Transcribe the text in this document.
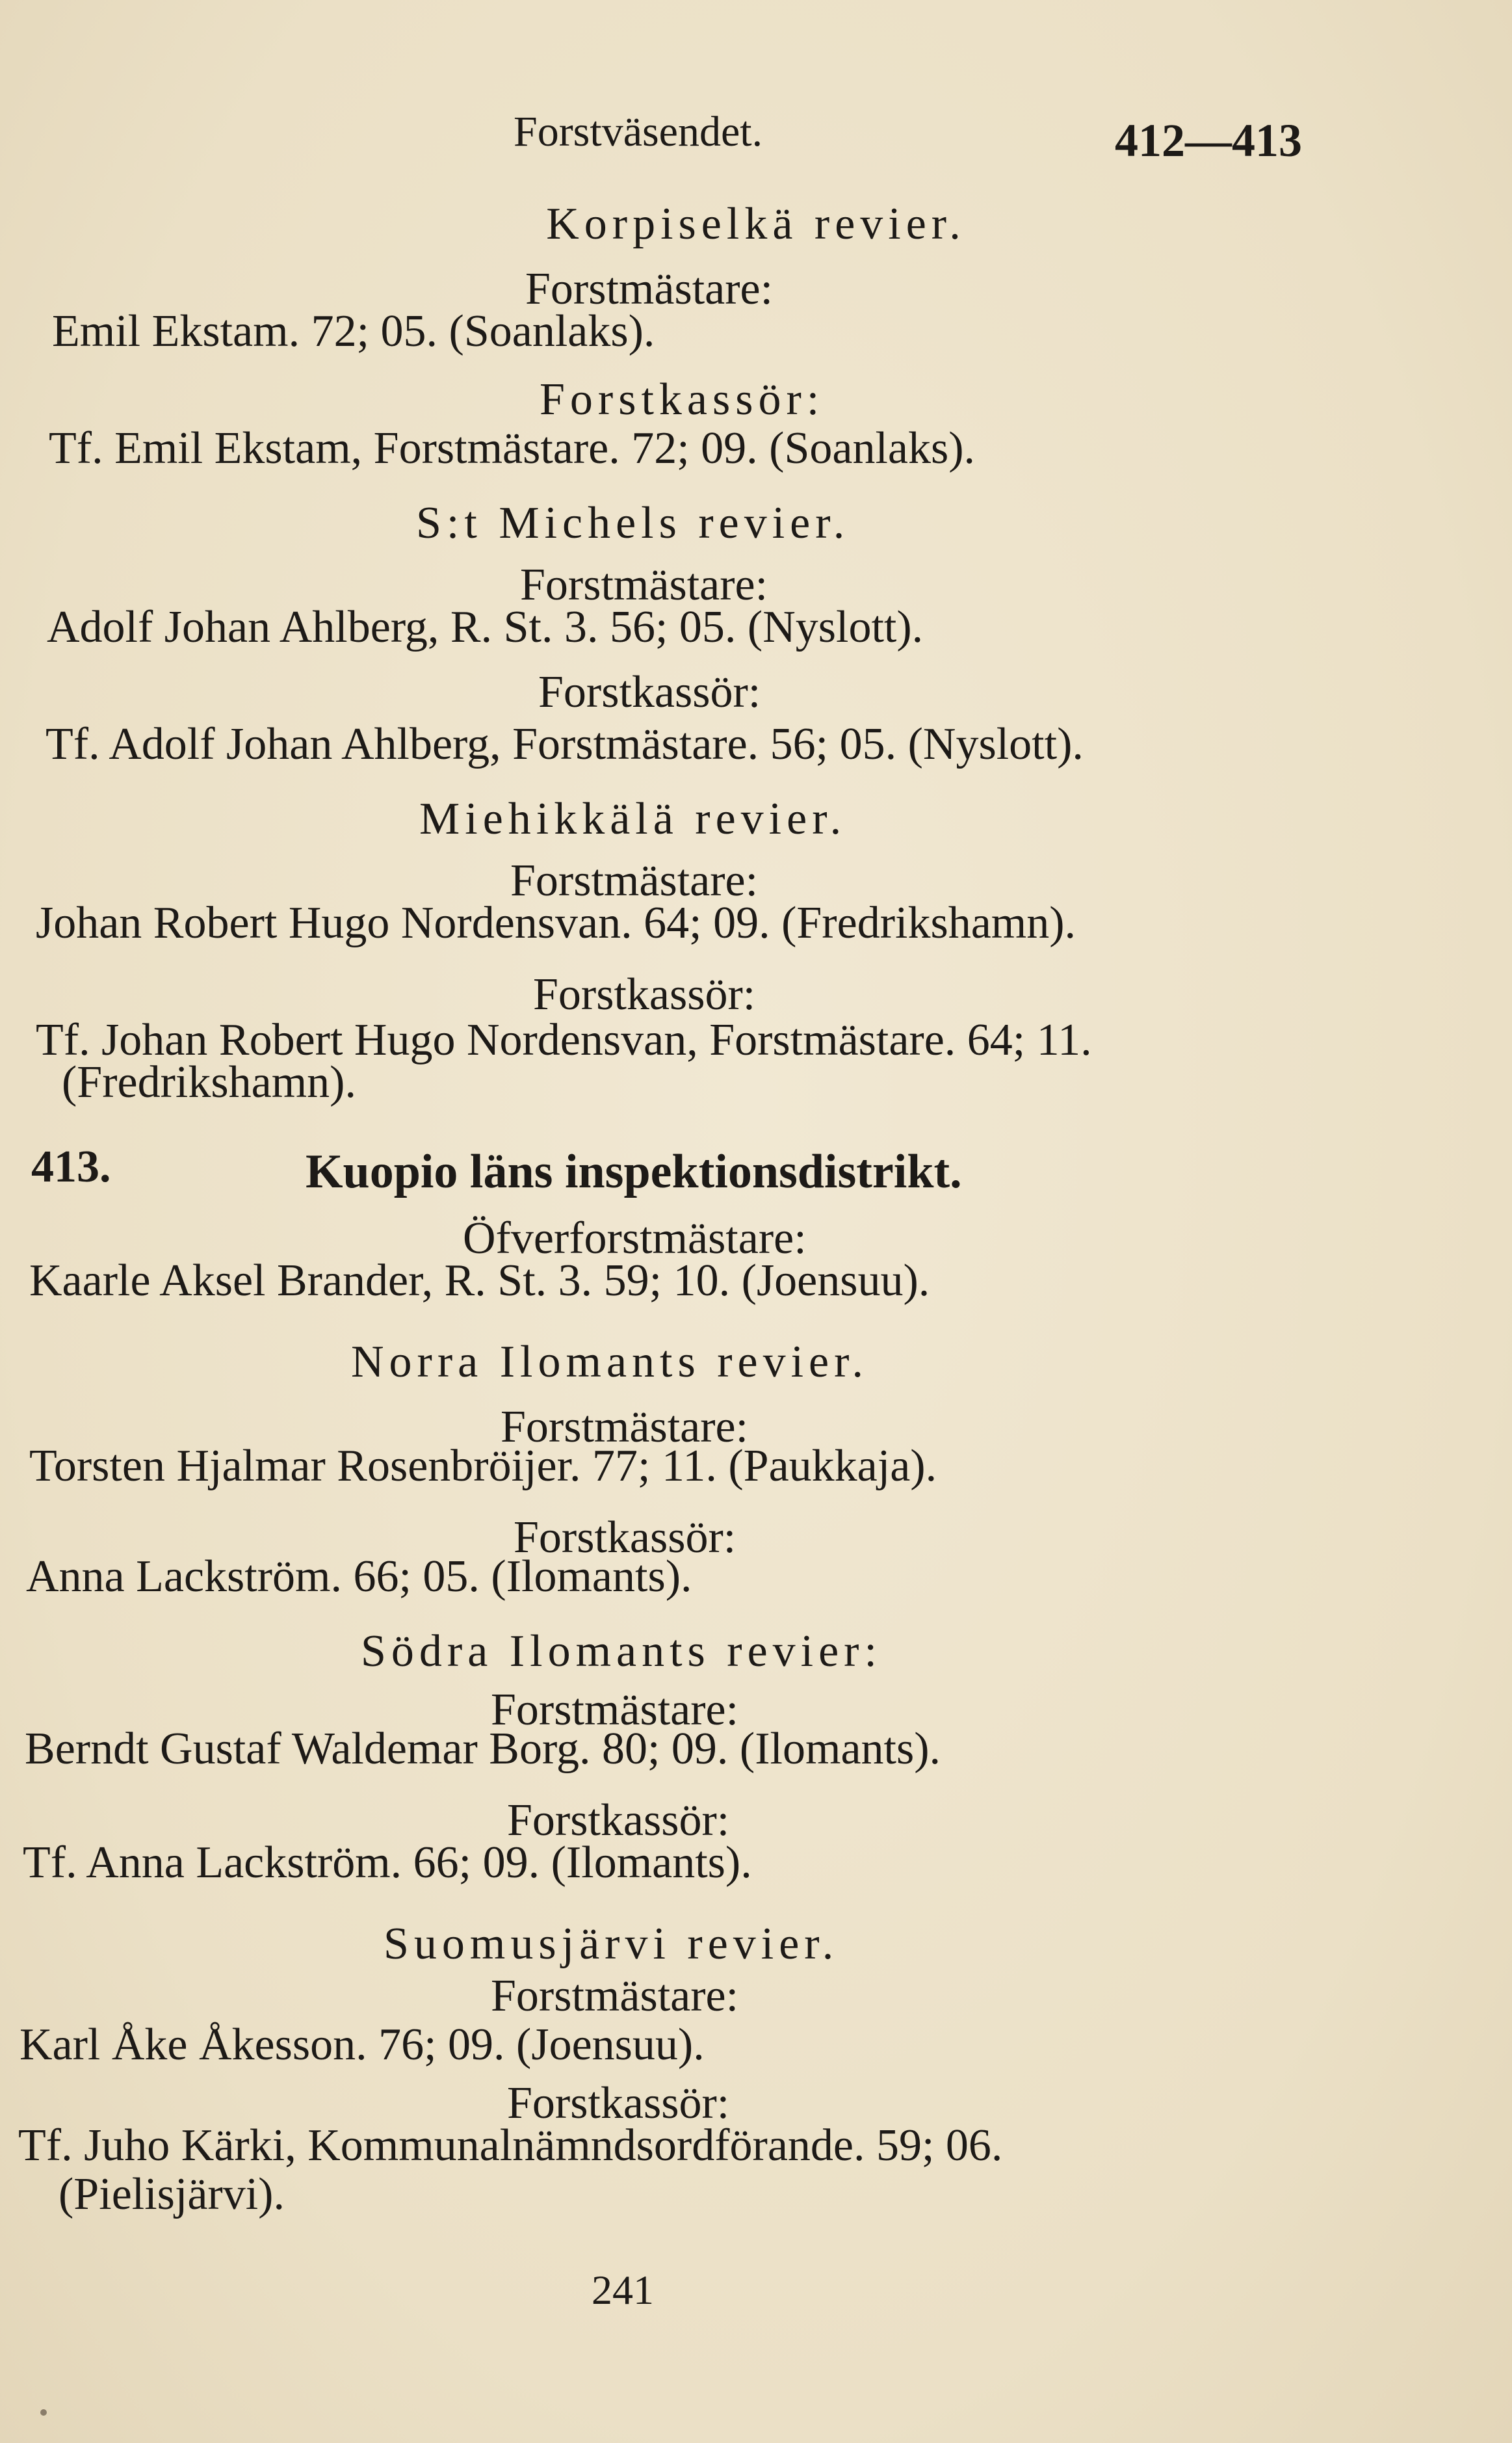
Forstväsendet.	412—413
Korpiselkä revier.
Forstmästare:
Emil Ekstam. 72; 05. (Soanlaks).
Forstkassör:
Tf. Emil Ekstam, Forstmästare. 72; 09. (Soanlaks).
S:t Michels revier.
Forstmästare:
Adolf Johan Ahlberg, R. St. 3. 56; 05. (Nyslott).
Forstkassör:
Tf. Adolf Johan Ahlberg, Forstmästare. 56; 05. (Nyslott).
Miehikkälä revier.
Forstmästare:
Johan Robert Hugo Nordensvan. 64; 09. (Fredrikshamn).
Forstkassör:
Tf. Johan Robert Hugo Nordensvan, Forstmästare. 64; 11.
(Fredrikshamn).
413.	Kuopio läns inspektionsdistrikt.
Öfverforstmästare:
Kaarle Aksel Brander, R. St. 3. 59; 10. (Joensuu).
Norra Ilomants revier.
Forstmästare:
Torsten Hjalmar Rosenbröijer. 77; 11. (Paukkaja).
Forstkassör:
Anna Lackström. 66; 05. (Ilomants).
Södra Ilomants revier:
Forstmästare:
Berndt Gustaf Waldemar Borg. 80; 09. (Ilomants).
Forstkassör:
Tf. Anna Lackström. 66; 09. (Ilomants).
Suomusjärvi revier.
Forstmästare:
Karl Åke Åkesson. 76; 09. (Joensuu).
Forstkassör:
Tf. Juho Kärki, Kommunalnämndsordförande. 59; 06.
(Pielisjärvi).
241
